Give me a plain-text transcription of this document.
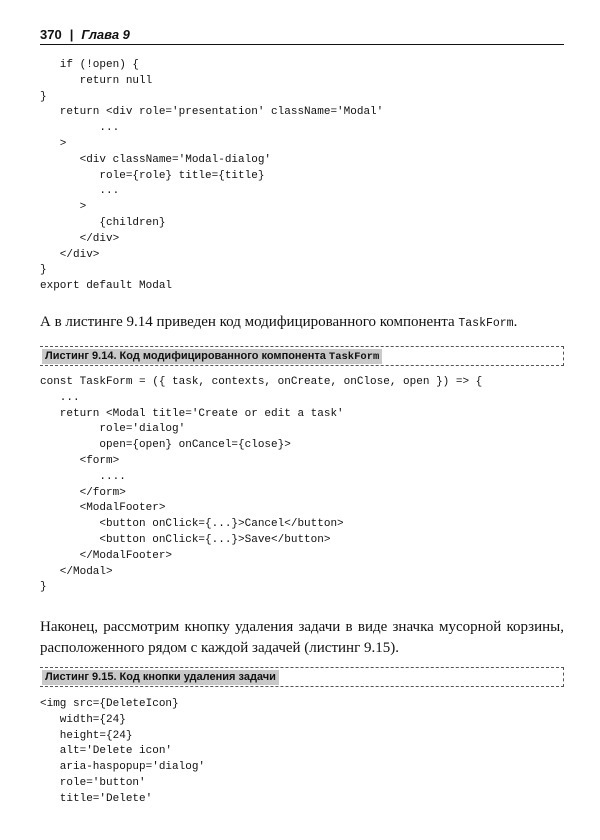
370 | Глава 9
if (!open) {
return null
}
return <div role='presentation' className='Modal'
...
>
<div className='Modal-dialog'
role={role} title={title}
...
>
{children}
</div>
</div>
}
export default Modal

А в листинге 9.14 приведен код модифицированного компонента TaskForm.

Листинг 9.14. Код модифицированного компонента TaskForm
const TaskForm = ({ task, contexts, onCreate, onClose, open }) => {
...
return <Modal title='Create or edit a task'
role='dialog'
open={open} onCancel={close}>
<form>
....
</form>
<ModalFooter>
<button onClick={...}>Cancel</button>
<button onClick={...}>Save</button>
</ModalFooter>
</Modal>
}

Наконец, рассмотрим кнопку удаления задачи в виде значка мусорной корзины, расположенного рядом с каждой задачей (листинг 9.15).

Листинг 9.15. Код кнопки удаления задачи
<img src={DeleteIcon}
width={24}
height={24}
alt='Delete icon'
aria-haspopup='dialog'
role='button'
title='Delete'
